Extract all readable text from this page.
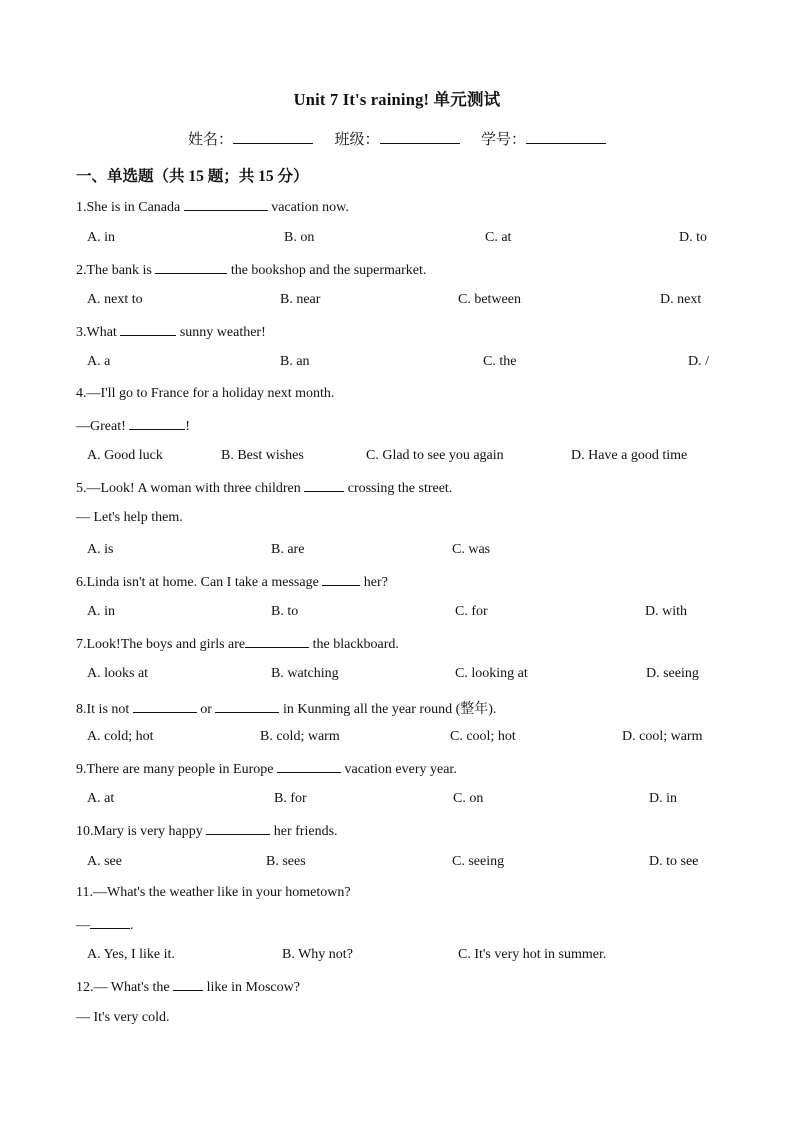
Unit 7 It's raining! 单元测试
姓名：	班级：	学号：
一、单选题（共 15 题；共 15 分）
1.She is in Canada	vacation now.
A. in	B. on	C. at	D. to
2.The bank is	the bookshop and the supermarket.
A. next to	B. near	C. between	D. next
3.What	sunny weather!
A. a	B. an	C. the	D. /
4.—I'll go to France for a holiday next month.
—Great!	!
A. Good luck	B. Best wishes	C. Glad to see you again	D. Have a good time
5.—Look! A woman with three children	crossing the street.
— Let's help them.
A. is	B. are	C. was
6.Linda isn't at home. Can I take a message	her?
A. in	B. to	C. for	D. with
7.Look!The boys and girls are	the blackboard.
A. looks at	B. watching	C. looking at	D. seeing
8.It is not	or	in Kunming all the year round (整年).
A. cold; hot	B. cold; warm	C. cool; hot	D. cool; warm
9.There are many people in Europe	vacation every year.
A. at	B. for	C. on	D. in
10.Mary is very happy	her friends.
A. see	B. sees	C. seeing	D. to see
11.—What's the weather like in your hometown?
—	.
A. Yes, I like it.	B. Why not?	C. It's very hot in summer.
12.— What's the  like in Moscow?
— It's very cold.
